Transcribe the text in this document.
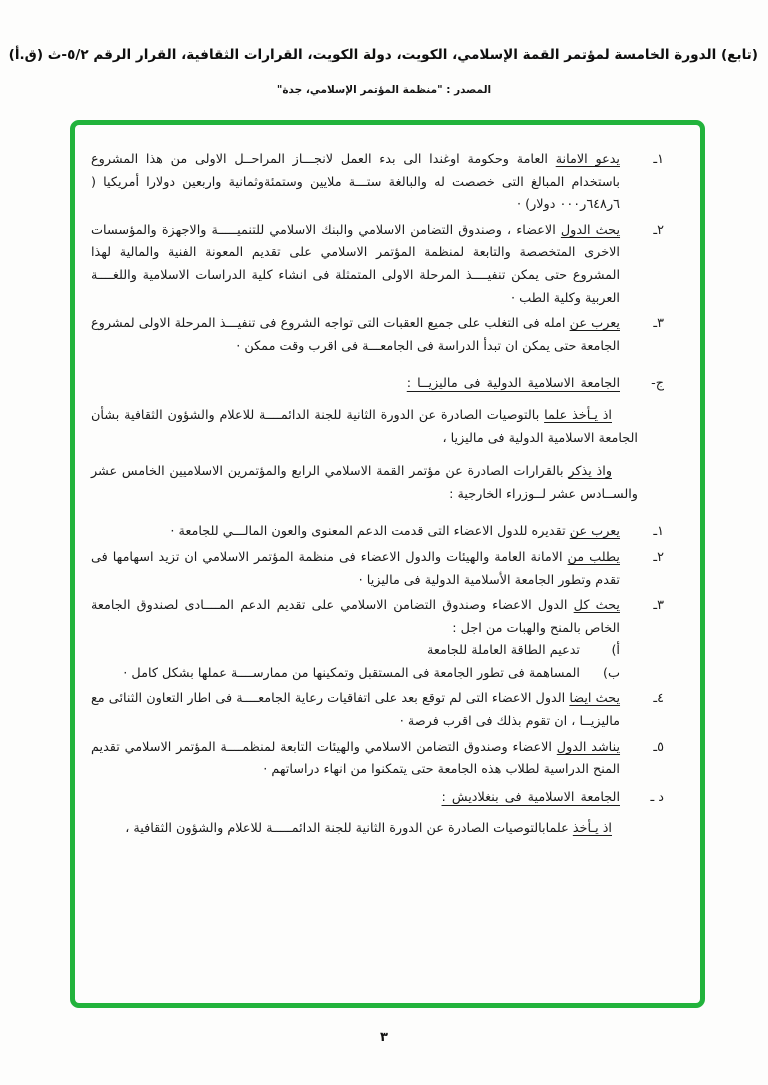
(تابع) الدورة الخامسة لمؤتمر القمة الإسلامي، الكويت، دولة الكويت، القرارات الثقافية، القرار الرقم ٥/٢-ث (ق.أ)
المصدر : "منظمة المؤتمر الإسلامي، جدة"
١ـ

يدعو الامانة العامة وحكومة اوغندا الى بدء العمل لانجـــاز المراحــل الاولى من هذا المشروع باستخدام المبالغ التى خصصت له والبالغة ستـــة ملايين وستمئةوثمانية واربعين دولارا أمريكيا ( ٦ر٦٤٨ر٠٠٠ دولار) ·

٢ـ

يحث الدول الاعضاء ، وصندوق التضامن الاسلامي والبنك الاسلامي للتنميـــــة والاجهزة والمؤسسات الاخرى المتخصصة والتابعة لمنظمة المؤتمر الاسلامي على تقديم المعونة الفنية والمالية لهذا المشروع حتى يمكن تنفيــــذ المرحلة الاولى المتمثلة فى انشاء كلية الدراسات الاسلامية واللغــــة العربية وكلية الطب ·

٣ـ

يعرب عن امله فى التغلب على جميع العقبات التى تواجه الشروع فى تنفيـــذ المرحلة الاولى لمشروع الجامعة حتى يمكن ان تبدأ الدراسة فى الجامعـــة فى اقرب وقت ممكن ·

ج-
الجامعة الاسلامية الدولية فى ماليزيــا :

اذ يـأخذ علما بالتوصيات الصادرة عن الدورة الثانية للجنة الدائمــــة للاعلام والشؤون الثقافية بشأن الجامعة الاسلامية الدولية فى ماليزيا ،

واذ يذكر بالقرارات الصادرة عن مؤتمر القمة الاسلامي الرابع والمؤتمرين الاسلاميين الخامس عشر والســادس عشر لــوزراء الخارجية :

١ـ

يعرب عن تقديره للدول الاعضاء التى قدمت الدعم المعنوى والعون المالـــي للجامعة ·

٢ـ

يطلب من الامانة العامة والهيئات والدول الاعضاء فى منظمة المؤتمر الاسلامي ان تزيد اسهامها فى تقدم وتطور الجامعة الأسلامية الدولية فى ماليزيا ·

٣ـ

يحث كل الدول الاعضاء وصندوق التضامن الاسلامي على تقديم الدعم المــــادى لصندوق الجامعة الخاص بالمنح والهبات من اجل :

أ)

تدعيم الطاقة العاملة للجامعة

ب)

المساهمة فى تطور الجامعة فى المستقبل وتمكينها من ممارســــة عملها بشكل كامل ·

٤ـ

يحث ايضا الدول الاعضاء التى لم توقع بعد على اتفاقيات رعاية الجامعــــة فى اطار التعاون الثنائى مع ماليزيــا ، ان تقوم بذلك فى اقرب فرصة ·

٥ـ

يناشد الدول الاعضاء وصندوق التضامن الاسلامي والهيئات التابعة لمنظمــــة المؤتمر الاسلامي تقديم المنح الدراسية لطلاب هذه الجامعة حتى يتمكنوا من انهاء دراساتهم ·

د ـ
الجامعة الاسلامية فى بنغلاديش :

اذ يـأخذ علمابالتوصيات الصادرة عن الدورة الثانية للجنة الدائمـــــة للاعلام والشؤون الثقافية ،

٣
